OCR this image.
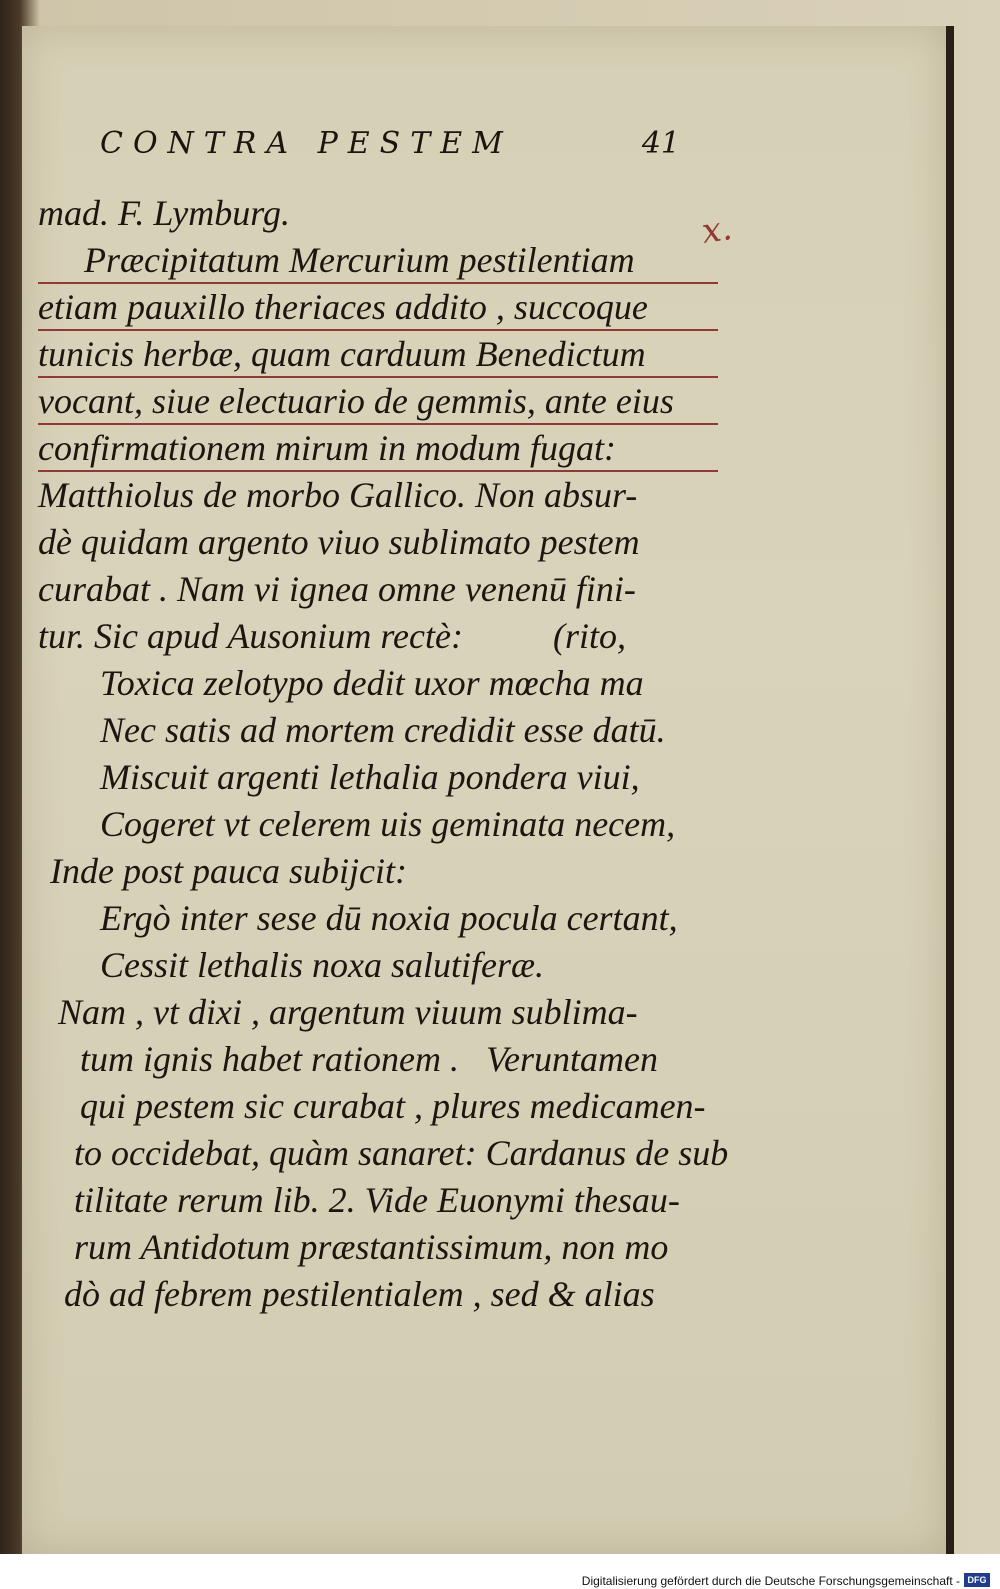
CONTRA PESTEM	41
x.
mad. F. Lymburg.
Præcipitatum Mercurium pestilentiam
etiam pauxillo theriaces addito , succoque
tunicis herbæ, quam carduum Benedictum
vocant, siue electuario de gemmis, ante eius
confirmationem mirum in modum fugat:
Matthiolus de morbo Gallico. Non absur-
dè quidam argento viuo sublimato pestem
curabat . Nam vi ignea omne venenū fini-
tur. Sic apud Ausonium rectè:          (rito,
Toxica zelotypo dedit uxor mœcha ma
Nec satis ad mortem credidit esse datū.
Miscuit argenti lethalia pondera viui,
Cogeret vt celerem uis geminata necem,
Inde post pauca subijcit:
Ergò inter sese dū noxia pocula certant,
Cessit lethalis noxa salutiferæ.
Nam , vt dixi , argentum viuum sublima-
tum ignis habet rationem .   Veruntamen
qui pestem sic curabat , plures medicamen-
to occidebat, quàm sanaret: Cardanus de sub
tilitate rerum lib. 2. Vide Euonymi thesau-
rum Antidotum præstantissimum, non mo
dò ad febrem pestilentialem , sed & alias
Digitalisierung gefördert durch die Deutsche Forschungsgemeinschaft - DFG
